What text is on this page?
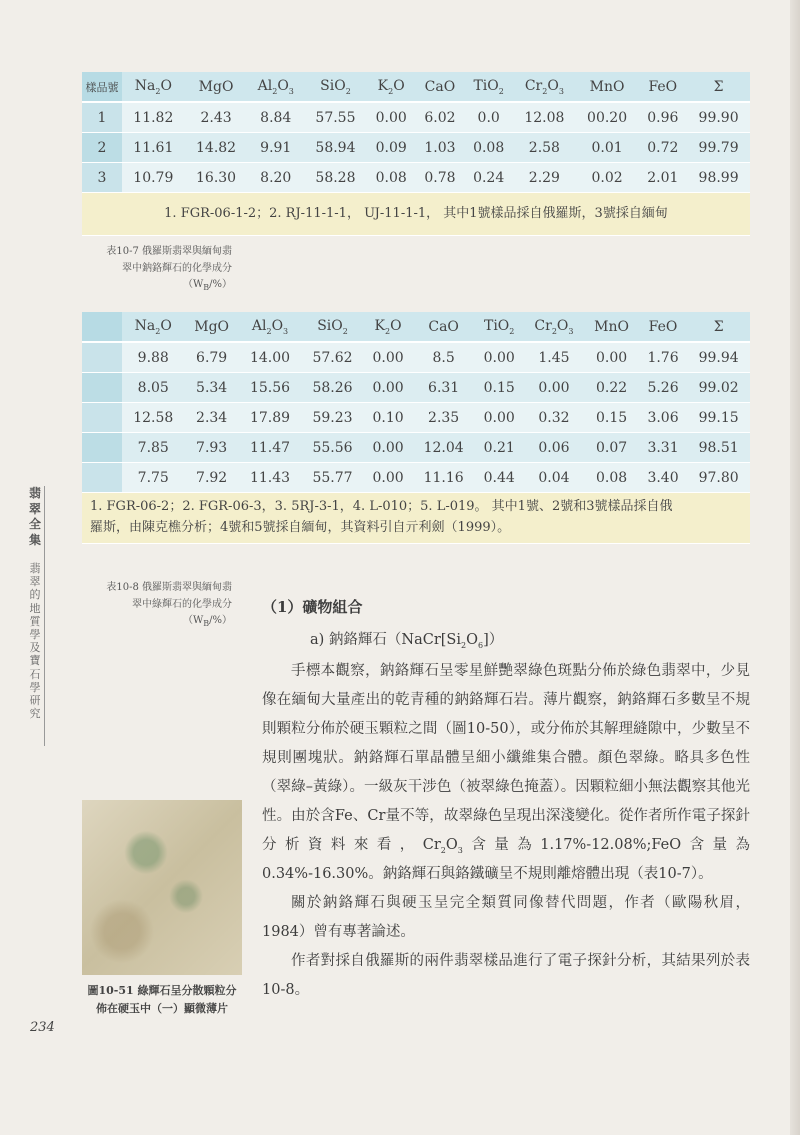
樣品號	$Na_2O$	MgO	$Al_2O_3$	SiO$_2$	$K_2O$	CaO	TiO$_2$	$Cr_2O_3$	MnO	FeO	Σ
1	11.82	2.43	8.84	57.55	0.00	6.02	0.0	12.08	00.20	0.96	99.90
2	11.61	14.82	9.91	58.94	0.09	1.03	0.08	2.58	0.01	0.72	99.79
3	10.79	16.30	8.20	58.28	0.08	0.78	0.24	2.29	0.02	2.01	98.99
1. FGR-06-1-2；2. RJ-11-1-1， UJ-11-1-1， 其中1號樣品採自俄羅斯，3號採自緬甸											
表10-7 俄羅斯翡翠與緬甸翡
翠中鈉鉻輝石的化學成分
$(W_B/\%)$
	$Na_2O$	MgO	$Al_2O_3$	SiO$_2$	$K_2O$	CaO	TiO$_2$	$Cr_2O_3$	MnO	FeO	Σ
	9.88	6.79	14.00	57.62	0.00	8.5	0.00	1.45	0.00	1.76	99.94
	8.05	5.34	15.56	58.26	0.00	6.31	0.15	0.00	0.22	5.26	99.02
	12.58	2.34	17.89	59.23	0.10	2.35	0.00	0.32	0.15	3.06	99.15
	7.85	7.93	11.47	55.56	0.00	12.04	0.21	0.06	0.07	3.31	98.51
	7.75	7.92	11.43	55.77	0.00	11.16	0.44	0.04	0.08	3.40	97.80

1. FGR-06-2；2. FGR-06-3，3. 5RJ-3-1，4. L-010；5. L-019。 其中1號、2號和3號樣品採自俄
羅斯，由陳克樵分析；4號和5號採自緬甸，其資料引自亓利劍（1999）。											
表10-8 俄羅斯翡翠與緬甸翡
翠中綠輝石的化學成分
$(W_B/\%)$
翡翠全集
翡翠的地質學及寶石學研究
（1）礦物組合
a) 鈉鉻輝石$(NaCr[Si_2O_6])$

手標本觀察，鈉鉻輝石呈零星鮮艷翠綠色斑點分佈於綠色翡翠中，少見像在緬甸大量產出的乾青種的鈉鉻輝石岩。薄片觀察，鈉鉻輝石多數呈不規則顆粒分佈於硬玉顆粒之間（圖10-50），或分佈於其解理縫隙中，少數呈不規則團塊狀。鈉鉻輝石單晶體呈細小纖維集合體。顏色翠綠。略具多色性（翠綠–黃綠）。一級灰干涉色（被翠綠色掩蓋）。因顆粒細小無法觀察其他光性。由於含Fe、Cr量不等，故翠綠色呈現出深淺變化。從作者所作電子探針分析資料來看，$Cr_2O_3$含量為1.17%-12.08%;FeO含量為0.34%-16.30%。鈉鉻輝石與鉻鐵礦呈不規則離熔體出現（表10-7）。

關於鈉鉻輝石與硬玉呈完全類質同像替代問題，作者（歐陽秋眉，1984）曾有專著論述。

作者對採自俄羅斯的兩件翡翠樣品進行了電子探針分析，其結果列於表10-8。

圖10-51 綠輝石呈分散顆粒分
佈在硬玉中（一）顯微薄片
234
